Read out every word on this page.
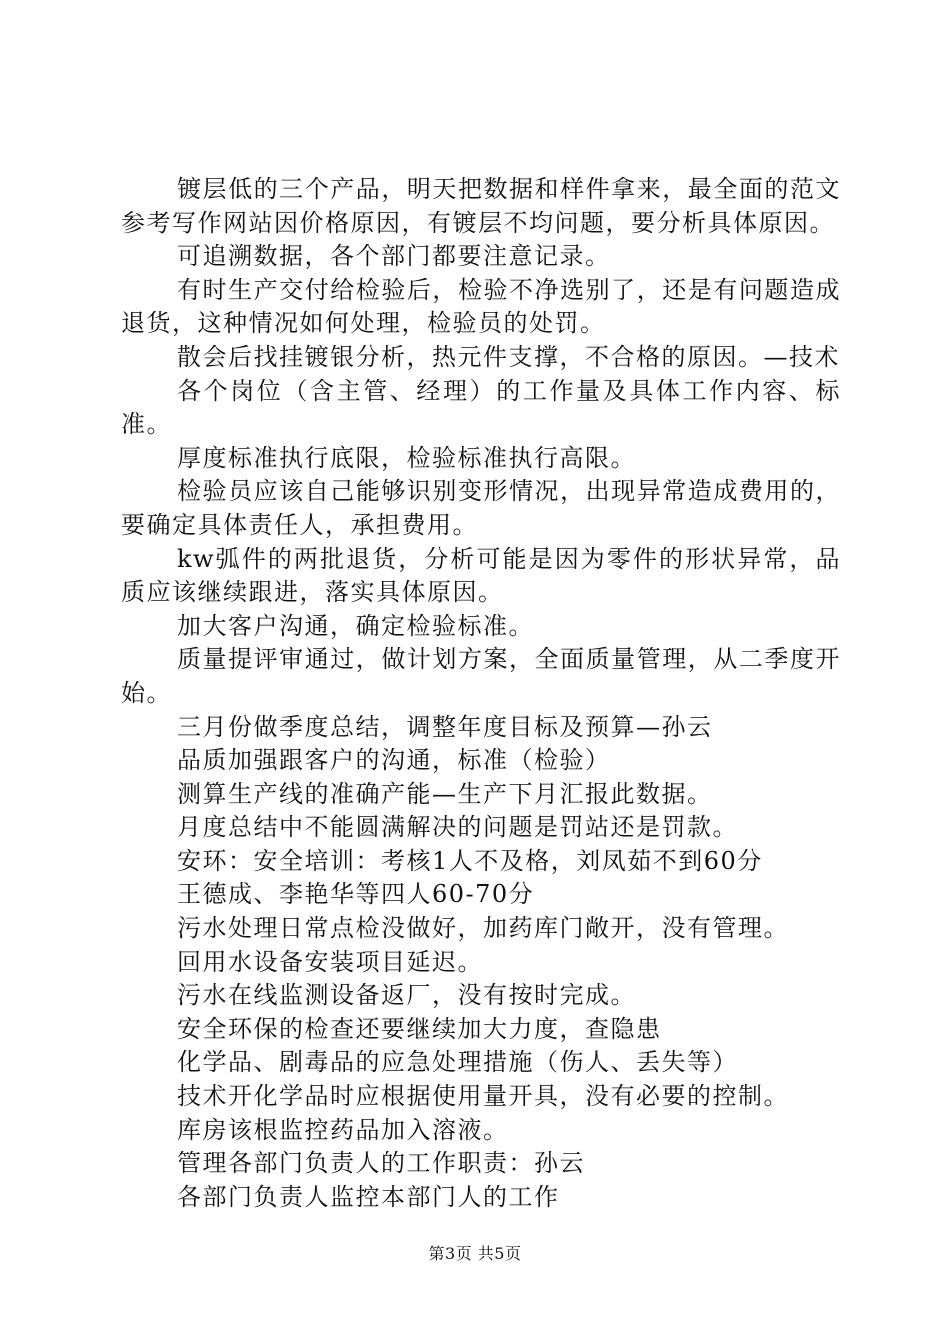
镀层低的三个产品，明天把数据和样件拿来，最全面的范文参考写作网站因价格原因，有镀层不均问题，要分析具体原因。

可追溯数据，各个部门都要注意记录。

有时生产交付给检验后，检验不净选别了，还是有问题造成退货，这种情况如何处理，检验员的处罚。

散会后找挂镀银分析，热元件支撑，不合格的原因。—技术

各个岗位（含主管、经理）的工作量及具体工作内容、标准。

厚度标准执行底限，检验标准执行高限。

检验员应该自己能够识别变形情况，出现异常造成费用的，要确定具体责任人，承担费用。

kw弧件的两批退货，分析可能是因为零件的形状异常，品质应该继续跟进，落实具体原因。

加大客户沟通，确定检验标准。

质量提评审通过，做计划方案，全面质量管理，从二季度开始。

三月份做季度总结，调整年度目标及预算—孙云

品质加强跟客户的沟通，标准（检验）

测算生产线的准确产能—生产下月汇报此数据。

月度总结中不能圆满解决的问题是罚站还是罚款。

安环：安全培训：考核1人不及格，刘凤茹不到60分

王德成、李艳华等四人60-70分

污水处理日常点检没做好，加药库门敞开，没有管理。

回用水设备安装项目延迟。

污水在线监测设备返厂，没有按时完成。

安全环保的检查还要继续加大力度，查隐患

化学品、剧毒品的应急处理措施（伤人、丢失等）

技术开化学品时应根据使用量开具，没有必要的控制。

库房该根监控药品加入溶液。

管理各部门负责人的工作职责：孙云

各部门负责人监控本部门人的工作

第3页 共5页
